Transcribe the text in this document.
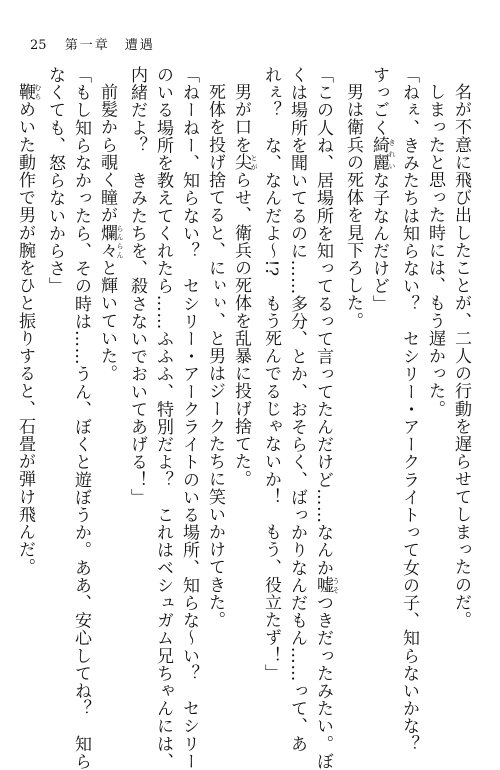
25 第一章　遭遇

名が不意に飛び出したことが、二人の行動を遅らせてしまったのだ。

しまったと思った時には、もう遅かった。

「ねぇ、きみたちは知らない？　セシリー・アークライトって女の子、知らないかな？

すっごく綺麗 きれいな子なんだけど」

男は衛兵の死体を見下ろした。

「この人ね、居場所を知ってるって言ってたんだけど……なんか嘘 うそつきだったみたい。ぼ

くは場所を聞いてるのに……多分、とか、おそらく、ばっかりなんだもん……って、あ

れぇ？　な、なんだよ～!?　もう死んでるじゃないか！　もう、役立たず！」

男が口を尖 とがらせ、衛兵の死体を乱暴に投げ捨てた。

死体を投げ捨てると、にぃぃ、と男はジークたちに笑いかけてきた。

「ねーねー、知らない？　セシリー・アークライトのいる場所、知らな～い？　セシリー

のいる場所を教えてくれたら……ふふふ、特別だよ？　これはベシュガム兄ちゃんには、

内緒だよ？　きみたちを、殺さないでおいてあげる！」

前髪から覗く瞳が爛々 らんらんと輝いていた。

「もし知らなかったら、その時は……うん、ぼくと遊ぼうか。ああ、安心してね？　知ら

なくても、怒らないからさ」

鞭 むちめいた動作で男が腕をひと振りすると、石畳が弾け飛んだ。
